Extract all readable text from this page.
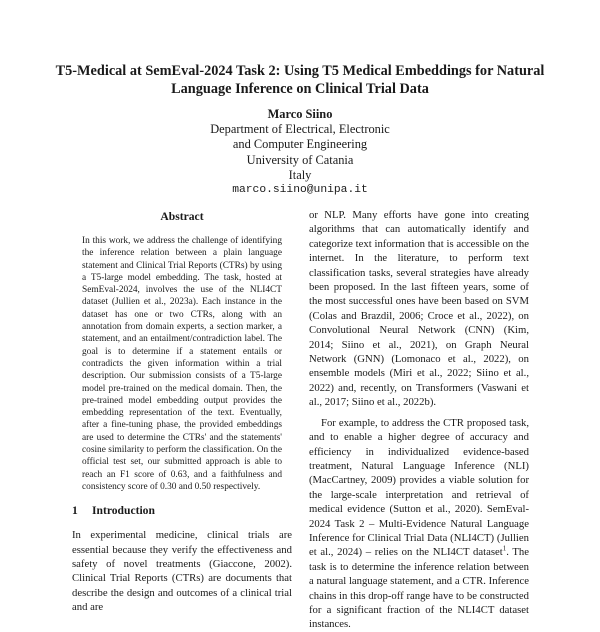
T5-Medical at SemEval-2024 Task 2: Using T5 Medical Embeddings for Natural Language Inference on Clinical Trial Data
Marco Siino
Department of Electrical, Electronic
and Computer Engineering
University of Catania
Italy
marco.siino@unipa.it
Abstract

In this work, we address the challenge of identifying the inference relation between a plain language statement and Clinical Trial Reports (CTRs) by using a T5-large model embedding. The task, hosted at SemEval-2024, involves the use of the NLI4CT dataset (Jullien et al., 2023a). Each instance in the dataset has one or two CTRs, along with an annotation from domain experts, a section marker, a statement, and an entailment/contradiction label. The goal is to determine if a statement entails or contradicts the given information within a trial description. Our submission consists of a T5-large model pre-trained on the medical domain. Then, the pre-trained model embedding output provides the embedding representation of the text. Eventually, after a fine-tuning phase, the provided embeddings are used to determine the CTRs' and the statements' cosine similarity to perform the classification. On the official test set, our submitted approach is able to reach an F1 score of 0.63, and a faithfulness and consistency score of 0.30 and 0.50 respectively.

1 Introduction

In experimental medicine, clinical trials are essential because they verify the effectiveness and safety of novel treatments (Giaccone, 2002). Clinical Trial Reports (CTRs) are documents that describe the design and outcomes of a clinical trial and are

or NLP. Many efforts have gone into creating algorithms that can automatically identify and categorize text information that is accessible on the internet. In the literature, to perform text classification tasks, several strategies have already been proposed. In the last fifteen years, some of the most successful ones have been based on SVM (Colas and Brazdil, 2006; Croce et al., 2022), on Convolutional Neural Network (CNN) (Kim, 2014; Siino et al., 2021), on Graph Neural Network (GNN) (Lomonaco et al., 2022), on ensemble models (Miri et al., 2022; Siino et al., 2022) and, recently, on Transformers (Vaswani et al., 2017; Siino et al., 2022b).

For example, to address the CTR proposed task, and to enable a higher degree of accuracy and efficiency in individualized evidence-based treatment, Natural Language Inference (NLI) (MacCartney, 2009) provides a viable solution for the large-scale interpretation and retrieval of medical evidence (Sutton et al., 2020). SemEval-2024 Task 2 – Multi-Evidence Natural Language Inference for Clinical Trial Data (NLI4CT) (Jullien et al., 2024) – relies on the NLI4CT dataset$^1$. The task is to determine the inference relation between a natural language statement, and a CTR. Inference chains in this drop-off range have to be constructed for a significant fraction of the NLI4CT dataset instances.
